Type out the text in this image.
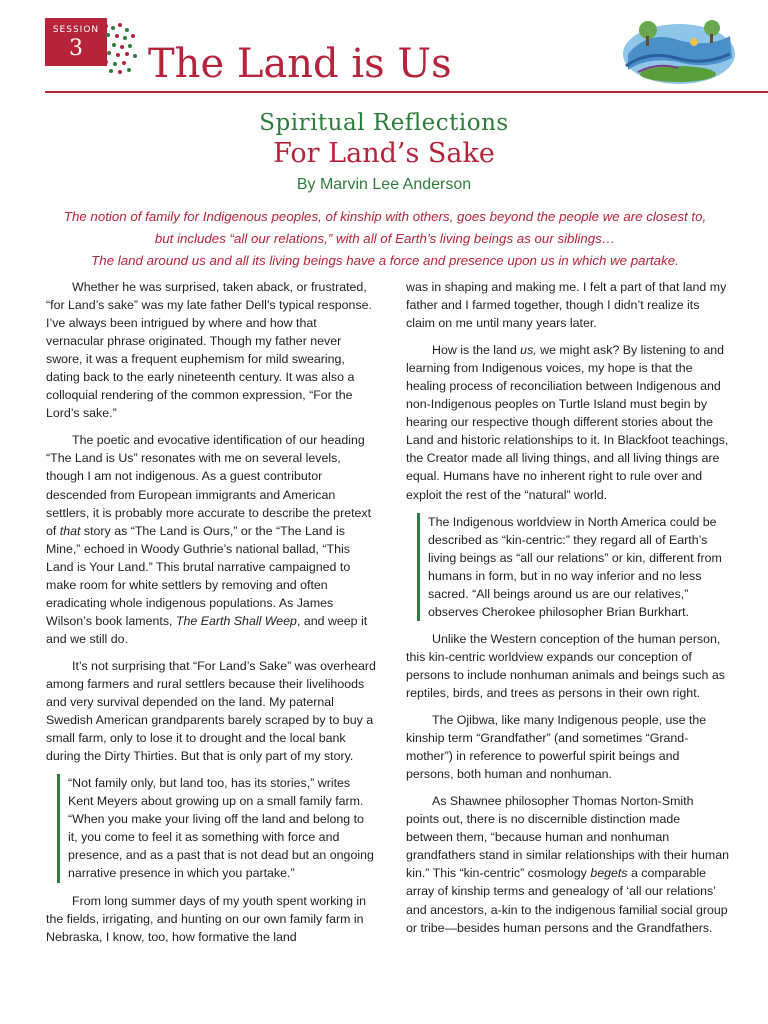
SESSION
3	The Land is Us
Spiritual Reflections
For Land’s Sake
By Marvin Lee Anderson

The notion of family for Indigenous peoples, of kinship with others, goes beyond the people we are closest to,

but includes “all our relations,” with all of Earth’s living beings as our siblings…

The land around us and all its living beings have a force and presence upon us in which we partake.

Whether he was surprised, taken aback, or frustrated, “for Land’s sake” was my late father Dell’s typical response. I’ve always been intrigued by where and how that vernacular phrase originated. Though my father never swore, it was a frequent euphemism for mild swearing, dating back to the early nineteenth century. It was also a colloquial rendering of the common expression, “For the Lord’s sake.”

The poetic and evocative identification of our heading “The Land is Us” resonates with me on several levels, though I am not indigenous. As a guest contributor descended from European immigrants and American settlers, it is probably more accurate to describe the pretext of that story as “The Land is Ours,” or the “The Land is Mine,” echoed in Woody Guthrie’s national ballad, “This Land is Your Land.” This brutal narrative campaigned to make room for white settlers by removing and often eradicating whole indigenous populations. As James Wilson’s book laments, The Earth Shall Weep, and weep it and we still do.

It’s not surprising that “For Land’s Sake” was overheard among farmers and rural settlers because their livelihoods and very survival depended on the land. My paternal Swedish American grandparents barely scraped by to buy a small farm, only to lose it to drought and the local bank during the Dirty Thirties. But that is only part of my story.

“Not family only, but land too, has its stories,” writes Kent Meyers about growing up on a small family farm. “When you make your living off the land and belong to it, you come to feel it as something with force and presence, and as a past that is not dead but an ongoing narrative presence in which you partake.”

From long summer days of my youth spent working in the fields, irrigating, and hunting on our own family farm in Nebraska, I know, too, how formative the land

was in shaping and making me. I felt a part of that land my father and I farmed together, though I didn’t realize its claim on me until many years later.

How is the land us, we might ask? By listening to and learning from Indigenous voices, my hope is that the healing process of reconciliation between Indigenous and non-Indigenous peoples on Turtle Island must begin by hearing our respective though different stories about the Land and historic relationships to it. In Blackfoot teachings, the Creator made all living things, and all living things are equal. Humans have no inherent right to rule over and exploit the rest of the “natural” world.

The Indigenous worldview in North America could be described as “kin-centric:” they regard all of Earth’s living beings as “all our relations” or kin, different from humans in form, but in no way inferior and no less sacred. “All beings around us are our relatives,” observes Cherokee philosopher Brian Burkhart.

Unlike the Western conception of the human person, this kin-centric worldview expands our conception of persons to include nonhuman animals and beings such as reptiles, birds, and trees as persons in their own right.

The Ojibwa, like many Indigenous people, use the kinship term “Grandfather” (and sometimes “Grand-mother”) in reference to powerful spirit beings and persons, both human and nonhuman.

As Shawnee philosopher Thomas Norton-Smith points out, there is no discernible distinction made between them, “because human and nonhuman grandfathers stand in similar relationships with their human kin.” This “kin-centric” cosmology begets a comparable array of kinship terms and genealogy of ‘all our relations’ and ancestors, a-kin to the indigenous familial social group or tribe—besides human persons and the Grandfathers.
